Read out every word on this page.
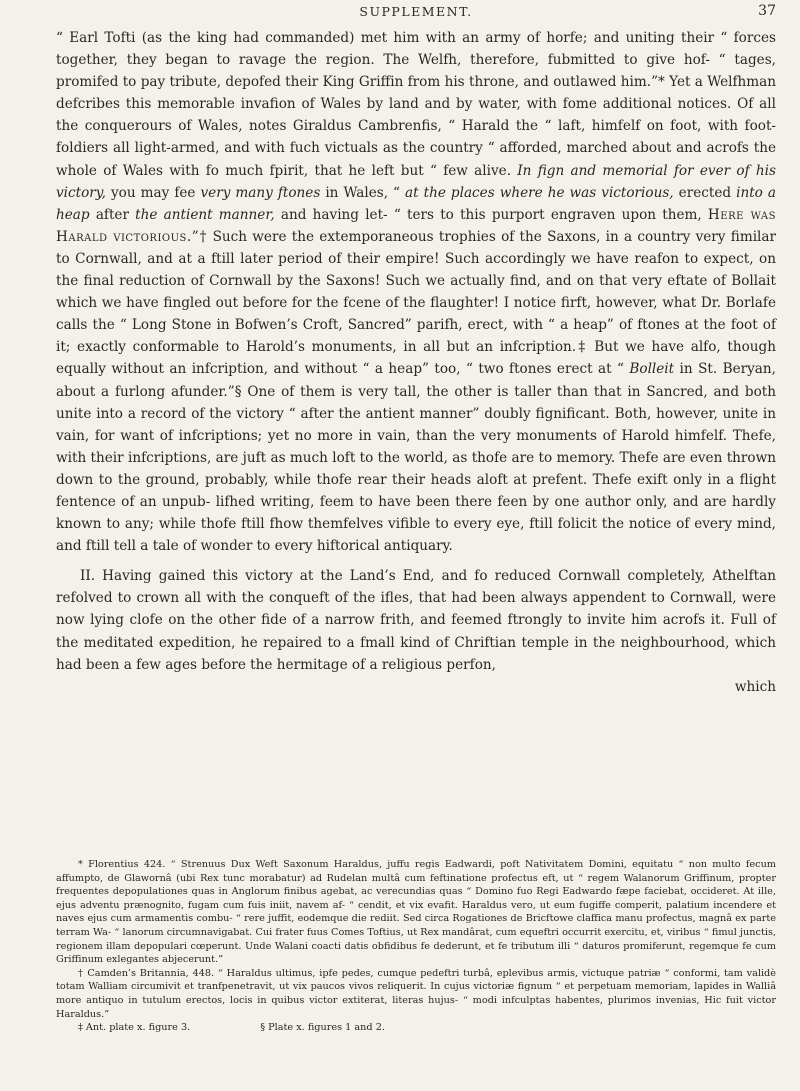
SUPPLEMENT.	37

“ Earl Tofti (as the king had commanded) met him with an army of horfe; and uniting their “ forces together, they began to ravage the region. The Welfh, therefore, fubmitted to give hof- “ tages, promifed to pay tribute, depofed their King Griffin from his throne, and outlawed him.”* Yet a Welfhman defcribes this memorable invafion of Wales by land and by water, with fome additional notices. Of all the conquerours of Wales, notes Giraldus Cambrenfis, “ Harald the “ laft, himfelf on foot, with foot-foldiers all light-armed, and with fuch victuals as the country “ afforded, marched about and acrofs the whole of Wales with fo much fpirit, that he left but “ few alive. In fign and memorial for ever of his victory, you may fee very many ftones in Wales, “ at the places where he was victorious, erected into a heap after the antient manner, and having let- “ ters to this purport engraven upon them, Here was Harald victorious.”† Such were the extemporaneous trophies of the Saxons, in a country very fimilar to Cornwall, and at a ftill later period of their empire! Such accordingly we have reafon to expect, on the final reduction of Cornwall by the Saxons! Such we actually find, and on that very eftate of Bollait which we have fingled out before for the fcene of the flaughter! I notice firft, however, what Dr. Borlafe calls the “ Long Stone in Bofwen’s Croft, Sancred” parifh, erect, with “ a heap” of ftones at the foot of it; exactly conformable to Harold’s monuments, in all but an infcription.‡ But we have alfo, though equally without an infcription, and without “ a heap” too, “ two ftones erect at “ Bolleit in St. Beryan, about a furlong afunder.”§ One of them is very tall, the other is taller than that in Sancred, and both unite into a record of the victory “ after the antient manner” doubly fignificant. Both, however, unite in vain, for want of infcriptions; yet no more in vain, than the very monuments of Harold himfelf. Thefe, with their infcriptions, are juft as much loft to the world, as thofe are to memory. Thefe are even thrown down to the ground, probably, while thofe rear their heads aloft at prefent. Thefe exift only in a flight fentence of an unpub- lifhed writing, feem to have been there feen by one author only, and are hardly known to any; while thofe ftill fhow themfelves vifible to every eye, ftill folicit the notice of every mind, and ftill tell a tale of wonder to every hiftorical antiquary.

II. Having gained this victory at the Land’s End, and fo reduced Cornwall completely, Athelftan refolved to crown all with the conqueft of the ifles, that had been always appendent to Cornwall, were now lying clofe on the other fide of a narrow frith, and feemed ftrongly to invite him acrofs it. Full of the meditated expedition, he repaired to a fmall kind of Chriftian temple in the neighbourhood, which had been a few ages before the hermitage of a religious perfon,

which

* Florentius 424. “ Strenuus Dux Weft Saxonum Haraldus, juffu regis Eadwardi, poft Nativitatem Domini, equitatu “ non multo fecum affumpto, de Glawornâ (ubi Rex tunc morabatur) ad Rudelan multâ cum feftinatione profectus eft, ut “ regem Walanorum Griffinum, propter frequentes depopulationes quas in Anglorum finibus agebat, ac verecundias quas “ Domino fuo Regi Eadwardo fæpe faciebat, occideret. At ille, ejus adventu prænognito, fugam cum fuis iniit, navem af- “ cendit, et vix evafit. Haraldus vero, ut eum fugiffe comperit, palatium incendere et naves ejus cum armamentis combu- “ rere juffit, eodemque die rediit. Sed circa Rogationes de Bricftowe claffica manu profectus, magnâ ex parte terram Wa- “ lanorum circumnavigabat. Cui frater fuus Comes Toftius, ut Rex mandârat, cum equeftri occurrit exercitu, et, viribus “ fimul junctis, regionem illam depopulari cœperunt. Unde Walani coacti datis obfidibus fe dederunt, et fe tributum illi “ daturos promiferunt, regemque fe cum Griffinum exlegantes abjecerunt.”

† Camden’s Britannia, 448. “ Haraldus ultimus, ipfe pedes, cumque pedeftri turbâ, eplevibus armis, victuque patriæ “ conformi, tam validè totam Walliam circumivit et tranfpenetravit, ut vix paucos vivos reliquerit. In cujus victoriæ fignum “ et perpetuam memoriam, lapides in Walliâ more antiquo in tutulum erectos, locis in quibus victor extiterat, literas hujus- “ modi infculptas habentes, plurimos invenias, Hic fuit victor Haraldus.”

‡ Ant. plate x. figure 3.	§ Plate x. figures 1 and 2.
